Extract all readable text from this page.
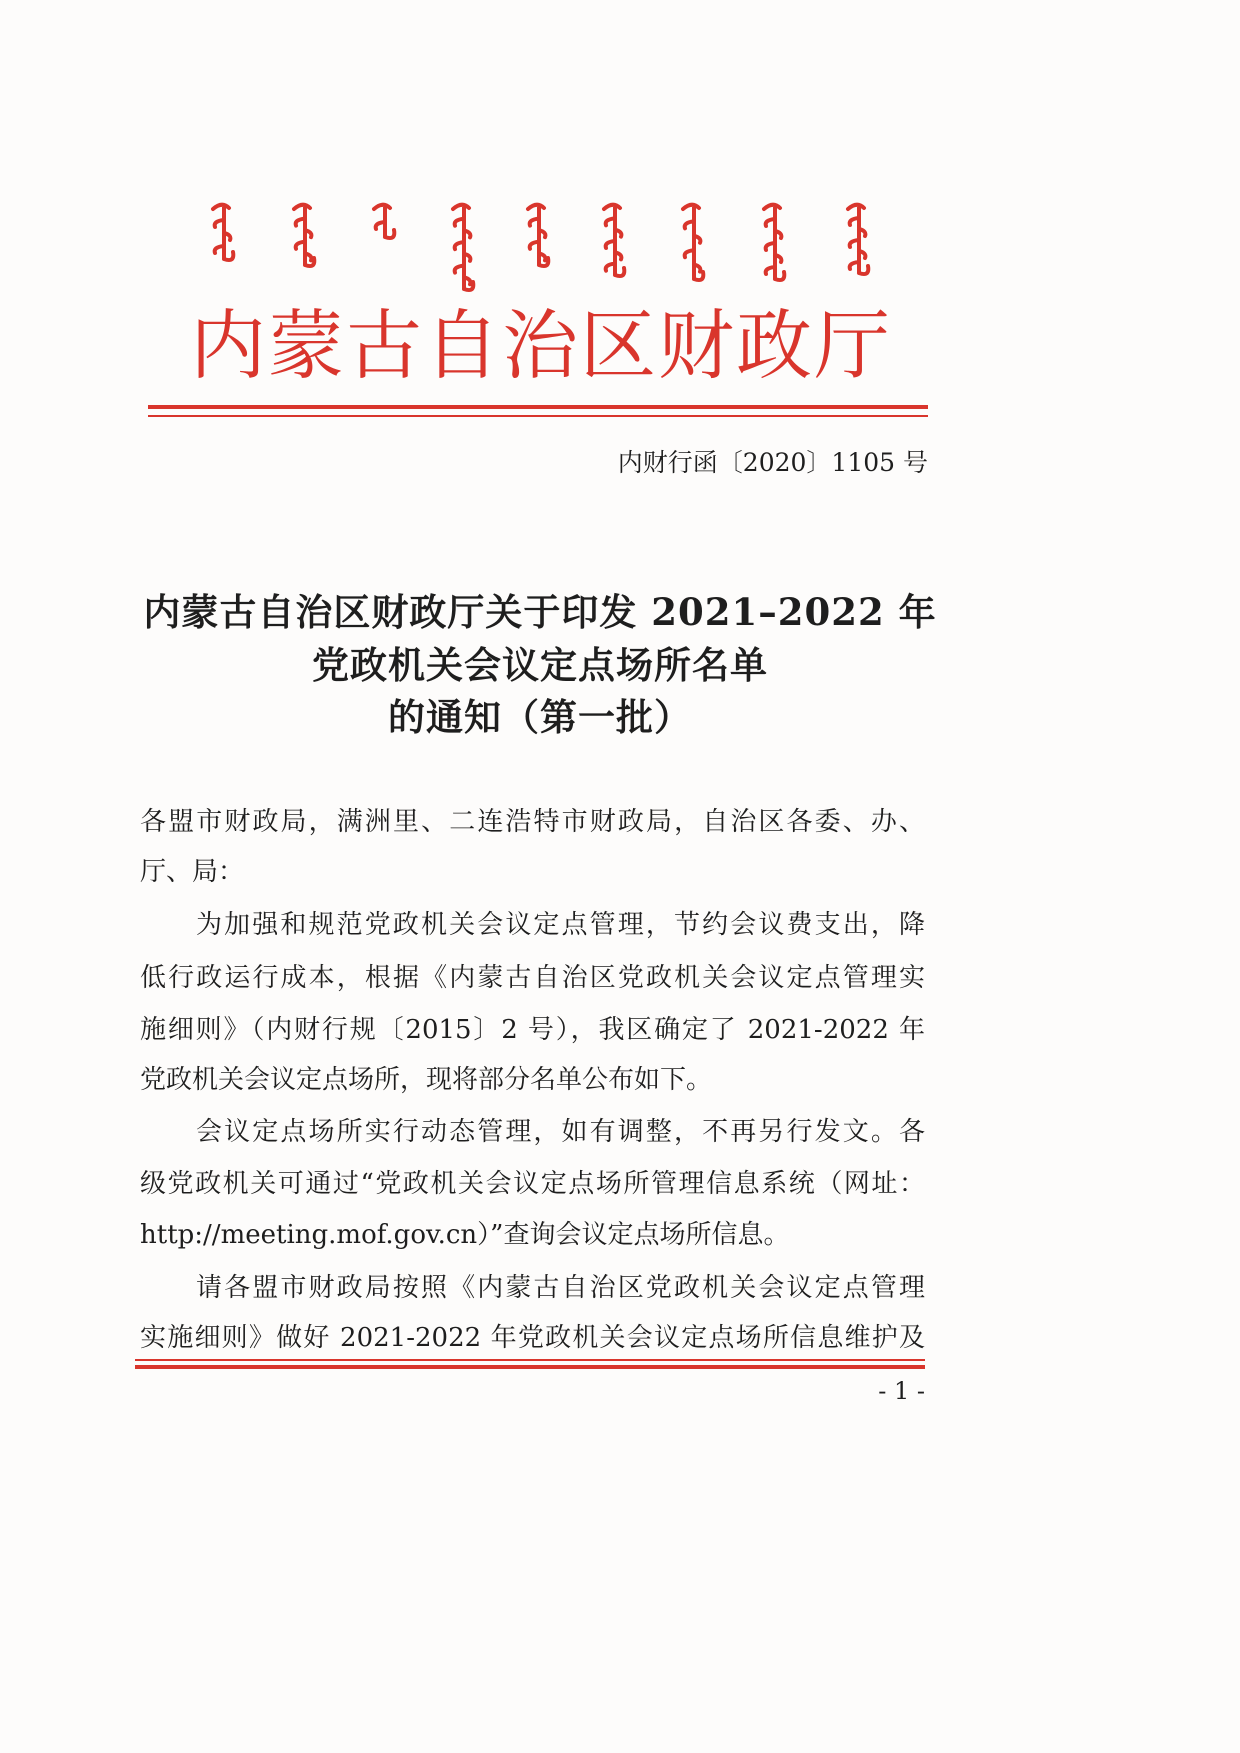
内蒙古自治区财政厅
内财行函〔2020〕1105 号
内蒙古自治区财政厅关于印发 2021–2022 年
党政机关会议定点场所名单
的通知（第一批）
各盟市财政局，满洲里、二连浩特市财政局，自治区各委、办、
厅、局：
为加强和规范党政机关会议定点管理，节约会议费支出，降
低行政运行成本，根据《内蒙古自治区党政机关会议定点管理实
施细则》（内财行规〔2015〕2 号），我区确定了 2021-2022 年
党政机关会议定点场所，现将部分名单公布如下。
会议定点场所实行动态管理，如有调整，不再另行发文。各
级党政机关可通过“党政机关会议定点场所管理信息系统（网址：
http://meeting.mof.gov.cn）”查询会议定点场所信息。
请各盟市财政局按照《内蒙古自治区党政机关会议定点管理
实施细则》做好 2021-2022 年党政机关会议定点场所信息维护及
- 1 -
